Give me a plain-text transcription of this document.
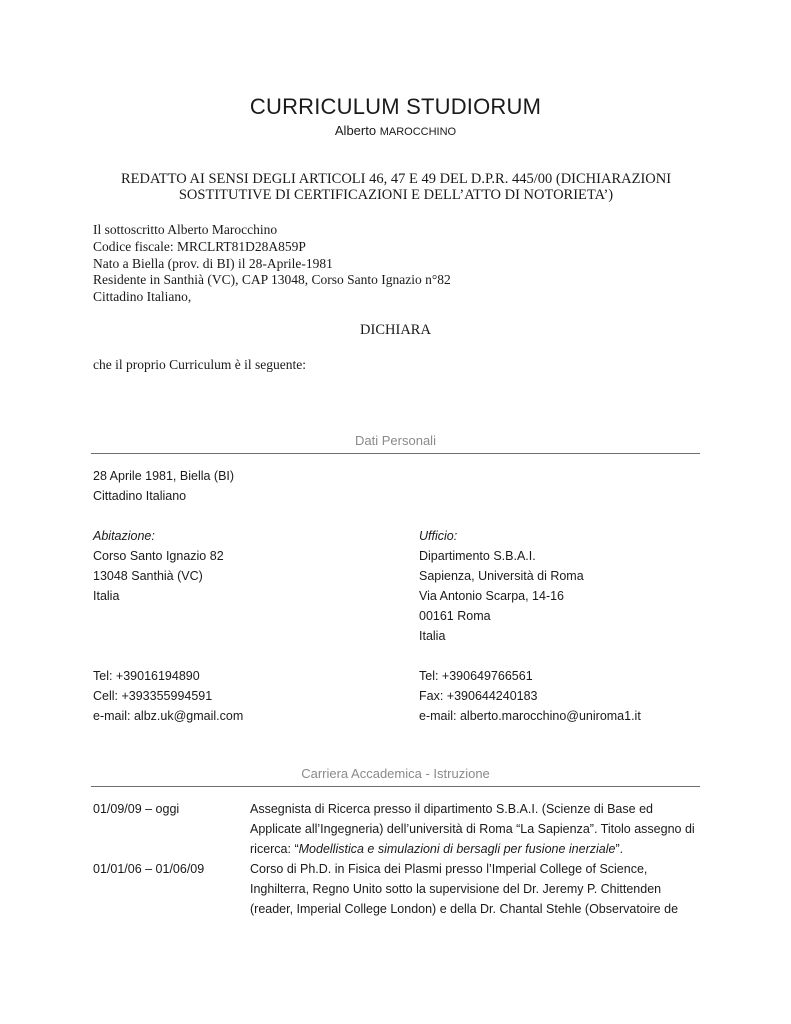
CURRICULUM STUDIORUM
Alberto MAROCCHINO
REDATTO AI SENSI DEGLI ARTICOLI 46, 47 E 49 DEL D.P.R. 445/00 (DICHIARAZIONI SOSTITUTIVE DI CERTIFICAZIONI E DELL’ATTO DI NOTORIETA’)
Il sottoscritto Alberto Marocchino
Codice fiscale: MRCLRT81D28A859P
Nato a Biella (prov. di BI) il 28-Aprile-1981
Residente in Santhià (VC), CAP 13048, Corso Santo Ignazio n°82
Cittadino Italiano,
DICHIARA
che il proprio Curriculum è il seguente:
Dati Personali
28 Aprile 1981, Biella (BI)
Cittadino Italiano
Abitazione:
Corso Santo Ignazio 82
13048 Santhià (VC)
Italia
Ufficio:
Dipartimento S.B.A.I.
Sapienza, Università di Roma
Via Antonio Scarpa, 14-16
00161 Roma
Italia
Tel: +39016194890
Cell: +393355994591
e-mail: albz.uk@gmail.com
Tel: +390649766561
Fax: +390644240183
e-mail: alberto.marocchino@uniroma1.it
Carriera Accademica - Istruzione
01/09/09 – oggi	Assegnista di Ricerca presso il dipartimento S.B.A.I. (Scienze di Base ed Applicate all’Ingegneria) dell’università di Roma “La Sapienza”. Titolo assegno di ricerca: “Modellistica e simulazioni di bersagli per fusione inerziale”.
01/01/06 – 01/06/09	Corso di Ph.D. in Fisica dei Plasmi presso l’Imperial College of Science, Inghilterra, Regno Unito sotto la supervisione del Dr. Jeremy P. Chittenden (reader, Imperial College London) e della Dr. Chantal Stehle (Observatoire de
